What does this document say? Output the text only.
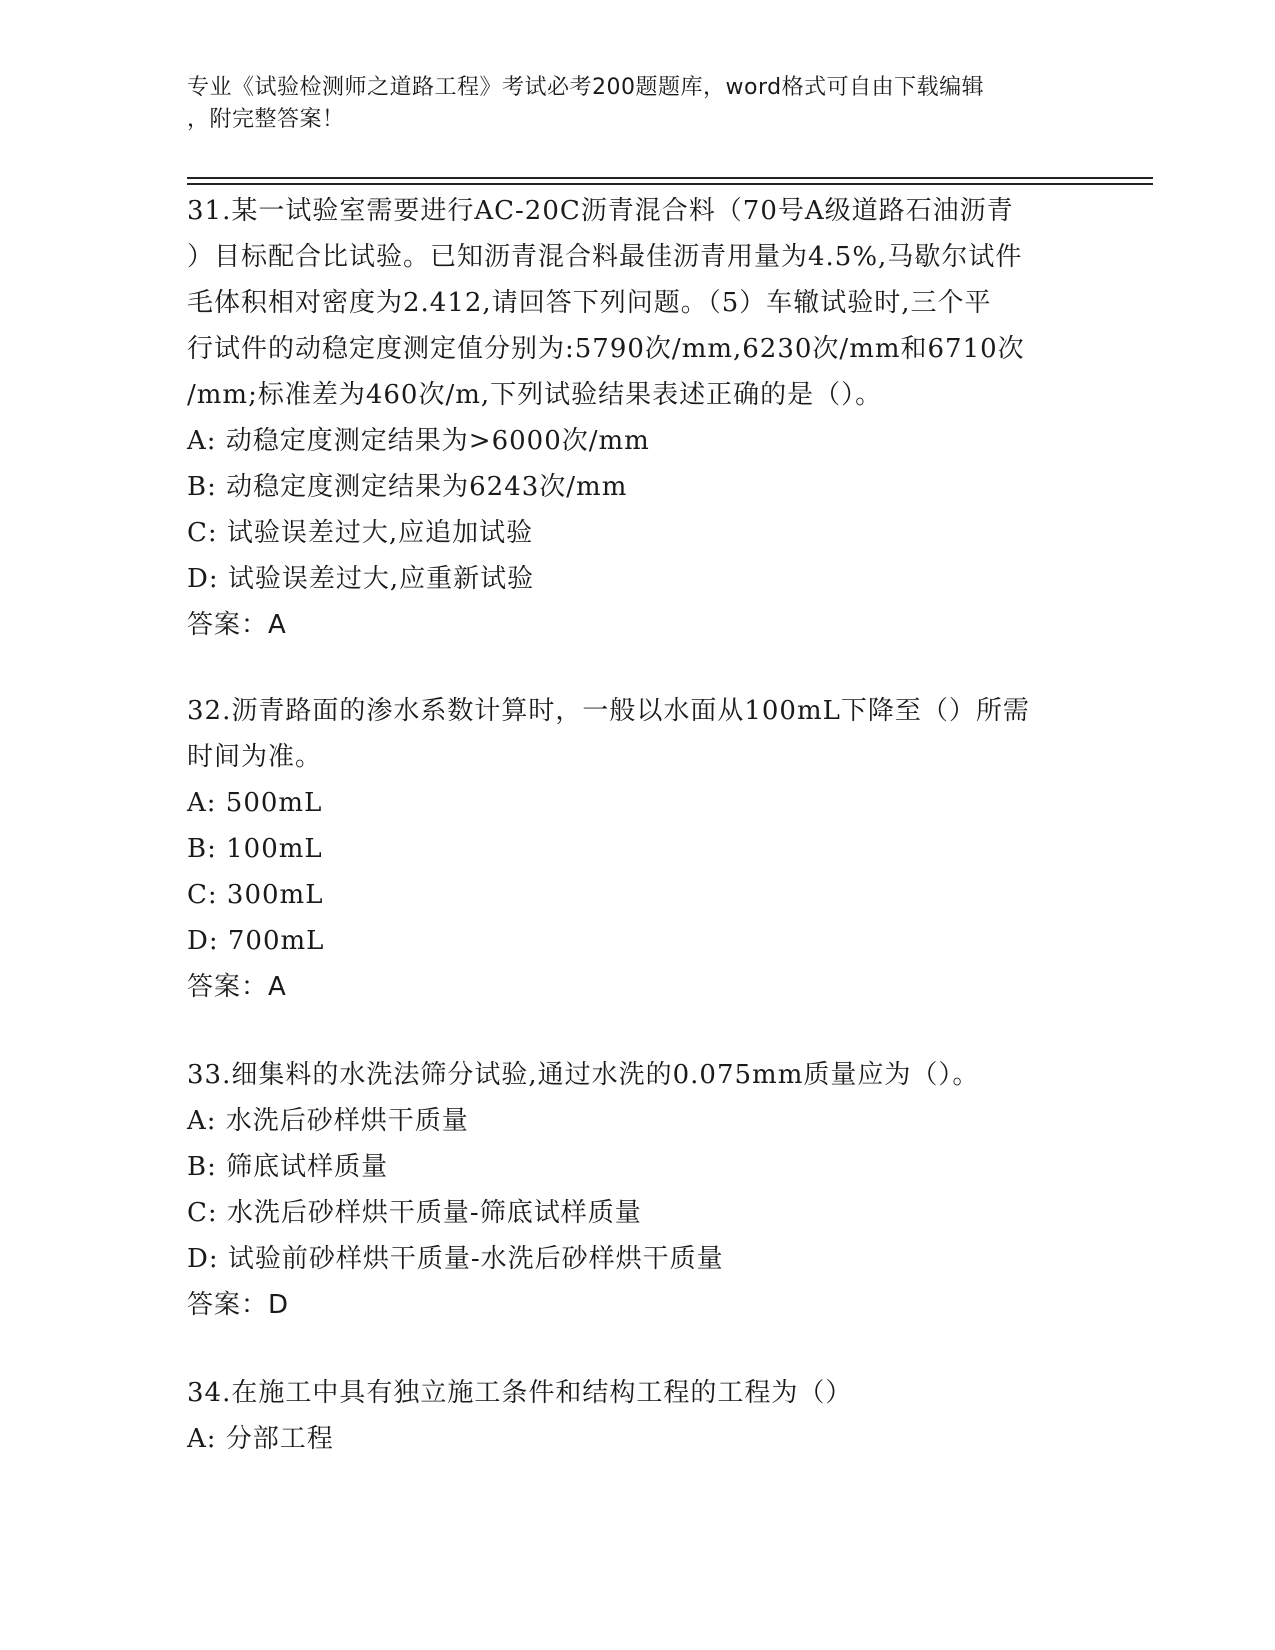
专业《试验检测师之道路工程》考试必考200题题库，word格式可自由下载编辑
，附完整答案！

31.某一试验室需要进行AC-20C沥青混合料（70号A级道路石油沥青

）目标配合比试验。已知沥青混合料最佳沥青用量为4.5%,马歇尔试件

毛体积相对密度为2.412,请回答下列问题。（5）车辙试验时,三个平

行试件的动稳定度测定值分别为:5790次/mm,6230次/mm和6710次

/mm;标准差为460次/m,下列试验结果表述正确的是（）。

A: 动稳定度测定结果为>6000次/mm

B: 动稳定度测定结果为6243次/mm

C: 试验误差过大,应追加试验

D: 试验误差过大,应重新试验

答案：A

32.沥青路面的渗水系数计算时，一般以水面从100mL下降至（）所需

时间为准。

A: 500mL

B: 100mL

C: 300mL

D: 700mL

答案：A

33.细集料的水洗法筛分试验,通过水洗的0.075mm质量应为（）。

A: 水洗后砂样烘干质量

B: 筛底试样质量

C: 水洗后砂样烘干质量-筛底试样质量

D: 试验前砂样烘干质量-水洗后砂样烘干质量

答案：D

34.在施工中具有独立施工条件和结构工程的工程为（）

A: 分部工程
